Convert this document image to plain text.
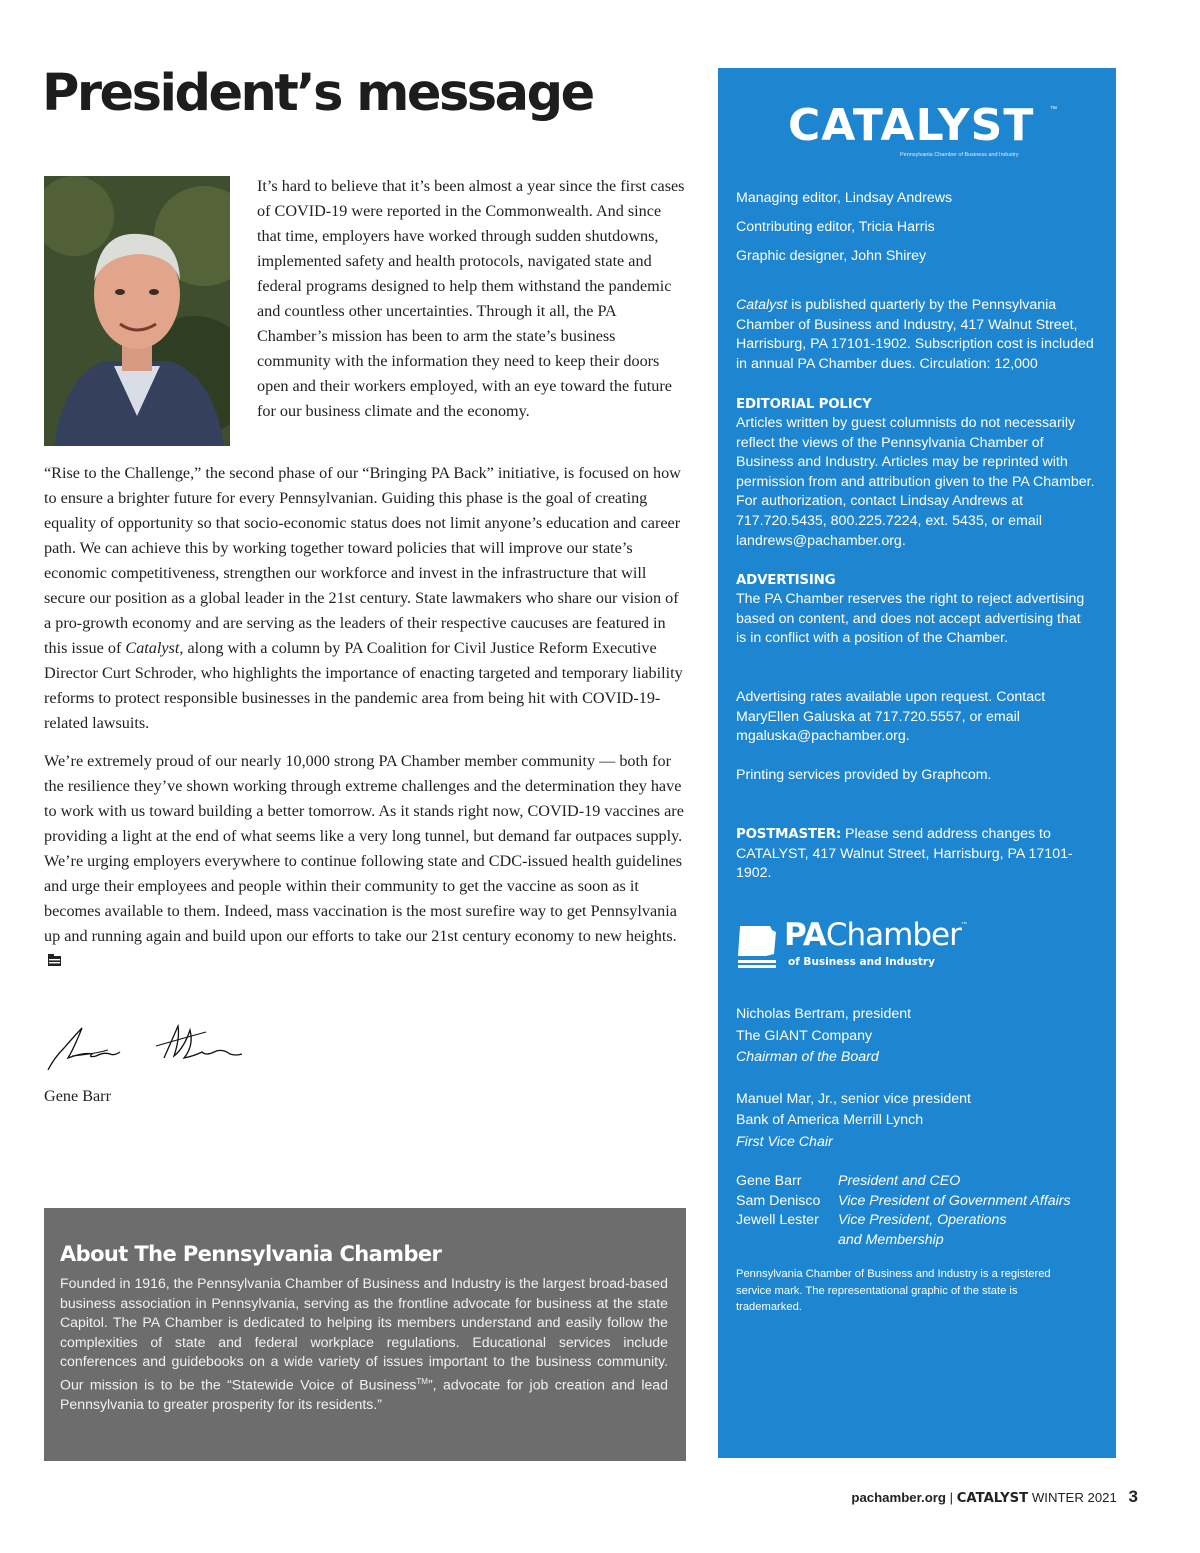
President’s message

It’s hard to believe that it’s been almost a year since the first cases of COVID-19 were reported in the Commonwealth. And since that time, employers have worked through sudden shutdowns, implemented safety and health protocols, navigated state and federal programs designed to help them withstand the pandemic and countless other uncertainties. Through it all, the PA Chamber’s mission has been to arm the state’s business community with the information they need to keep their doors open and their workers employed, with an eye toward the future for our business climate and the economy.

“Rise to the Challenge,” the second phase of our “Bringing PA Back” initiative, is focused on how to ensure a brighter future for every Pennsylvanian. Guiding this phase is the goal of creating equality of opportunity so that socio-economic status does not limit anyone’s education and career path. We can achieve this by working together toward policies that will improve our state’s economic competitiveness, strengthen our workforce and invest in the infrastructure that will secure our position as a global leader in the 21st century. State lawmakers who share our vision of a pro-growth economy and are serving as the leaders of their respective caucuses are featured in this issue of Catalyst, along with a column by PA Coalition for Civil Justice Reform Executive Director Curt Schroder, who highlights the importance of enacting targeted and temporary liability reforms to protect responsible businesses in the pandemic area from being hit with COVID-19-related lawsuits.

We’re extremely proud of our nearly 10,000 strong PA Chamber member community — both for the resilience they’ve shown working through extreme challenges and the determination they have to work with us toward building a better tomorrow. As it stands right now, COVID-19 vaccines are providing a light at the end of what seems like a very long tunnel, but demand far outpaces supply. We’re urging employers everywhere to continue following state and CDC-issued health guidelines and urge their employees and people within their community to get the vaccine as soon as it becomes available to them. Indeed, mass vaccination is the most surefire way to get Pennsylvania up and running again and build upon our efforts to take our 21st century economy to new heights.

Gene Barr
About The Pennsylvania Chamber

Founded in 1916, the Pennsylvania Chamber of Business and Industry is the largest broad-based business association in Pennsylvania, serving as the frontline advocate for business at the state Capitol. The PA Chamber is dedicated to helping its members understand and easily follow the complexities of state and federal workplace regulations. Educational services include conferences and guidebooks on a wide variety of issues important to the business community. Our mission is to be the “Statewide Voice of Business™”, advocate for job creation and lead Pennsylvania to greater prosperity for its residents.”

CATALYST ™
Pennsylvania Chamber of Business and Industry
Managing editor, Lindsay Andrews
Contributing editor, Tricia Harris
Graphic designer, John Shirey

Catalyst is published quarterly by the Pennsylvania Chamber of Business and Industry, 417 Walnut Street, Harrisburg, PA 17101-1902. Subscription cost is included in annual PA Chamber dues. Circulation: 12,000

EDITORIAL POLICY

Articles written by guest columnists do not necessarily reflect the views of the Pennsylvania Chamber of Business and Industry. Articles may be reprinted with permission from and attribution given to the PA Chamber. For authorization, contact Lindsay Andrews at 717.720.5435, 800.225.7224, ext. 5435, or email landrews@pachamber.org.

ADVERTISING

The PA Chamber reserves the right to reject advertising based on content, and does not accept advertising that is in conflict with a position of the Chamber.

Advertising rates available upon request. Contact MaryEllen Galuska at 717.720.5557, or email mgaluska@pachamber.org.

Printing services provided by Graphcom.

POSTMASTER: Please send address changes to CATALYST, 417 Walnut Street, Harrisburg, PA 17101-1902.

PAChamber™
of Business and Industry
Nicholas Bertram, president
The GIANT Company
Chairman of the Board
Manuel Mar, Jr., senior vice president
Bank of America Merrill Lynch
First Vice Chair
Gene Barr	President and CEO
Sam Denisco	Vice President of Government Affairs
Jewell Lester	Vice President, Operations
and Membership

Pennsylvania Chamber of Business and Industry is a registered service mark. The representational graphic of the state is trademarked.

pachamber.org | CATALYST WINTER 2021 3
